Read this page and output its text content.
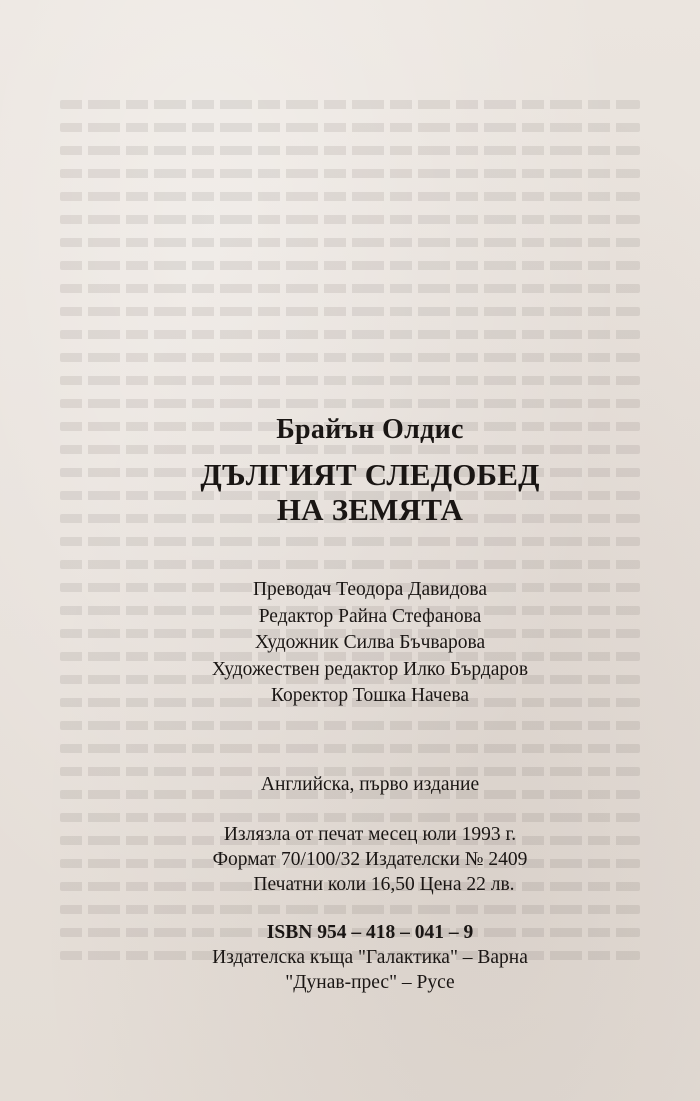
Брайън Олдис
ДЪЛГИЯТ СЛЕДОБЕД
НА ЗЕМЯТА
Преводач Теодора Давидова
Редактор Райна Стефанова
Художник Силва Бъчварова
Художествен редактор Илко Бърдаров
Коректор Тошка Начева
Английска, първо издание
Излязла от печат месец юли 1993 г.
Формат 70/100/32 Издателски № 2409
Печатни коли 16,50 Цена 22 лв.
ISBN 954 – 418 – 041 – 9
Издателска къща "Галактика" – Варна
"Дунав-прес" – Русе
